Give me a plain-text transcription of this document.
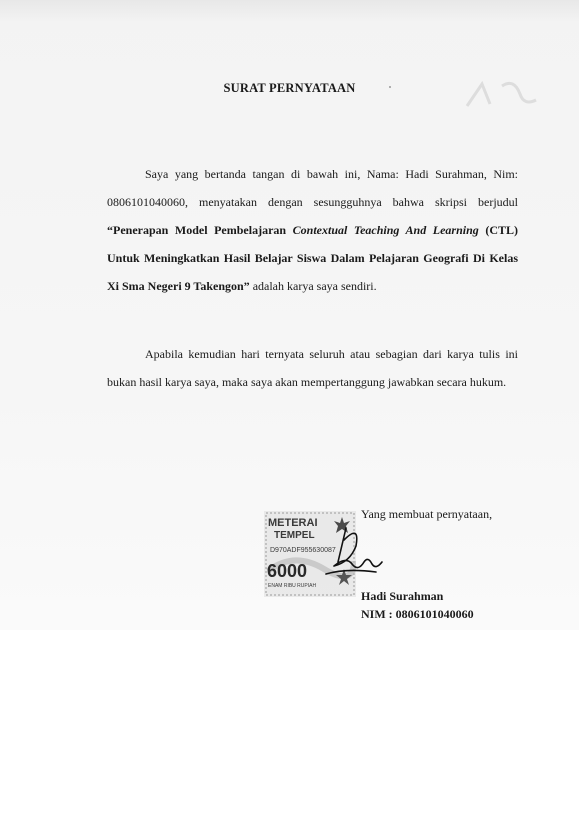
SURAT PERNYATAAN
Saya yang bertanda tangan di bawah ini, Nama: Hadi Surahman, Nim:
0806101040060, menyatakan dengan sesungguhnya bahwa skripsi berjudul
“Penerapan Model Pembelajaran Contextual Teaching And Learning (CTL)
Untuk Meningkatkan Hasil Belajar Siswa Dalam Pelajaran Geografi Di Kelas
Xi Sma Negeri 9 Takengon” adalah karya saya sendiri.
Apabila kemudian hari ternyata seluruh atau sebagian dari karya tulis ini
bukan hasil karya saya, maka saya akan mempertanggung jawabkan secara hukum.
Yang membuat pernyataan,
METERAI
TEMPEL
D970ADF955630087
6000
ENAM RIBU RUPIAH
Hadi Surahman
NIM : 0806101040060
